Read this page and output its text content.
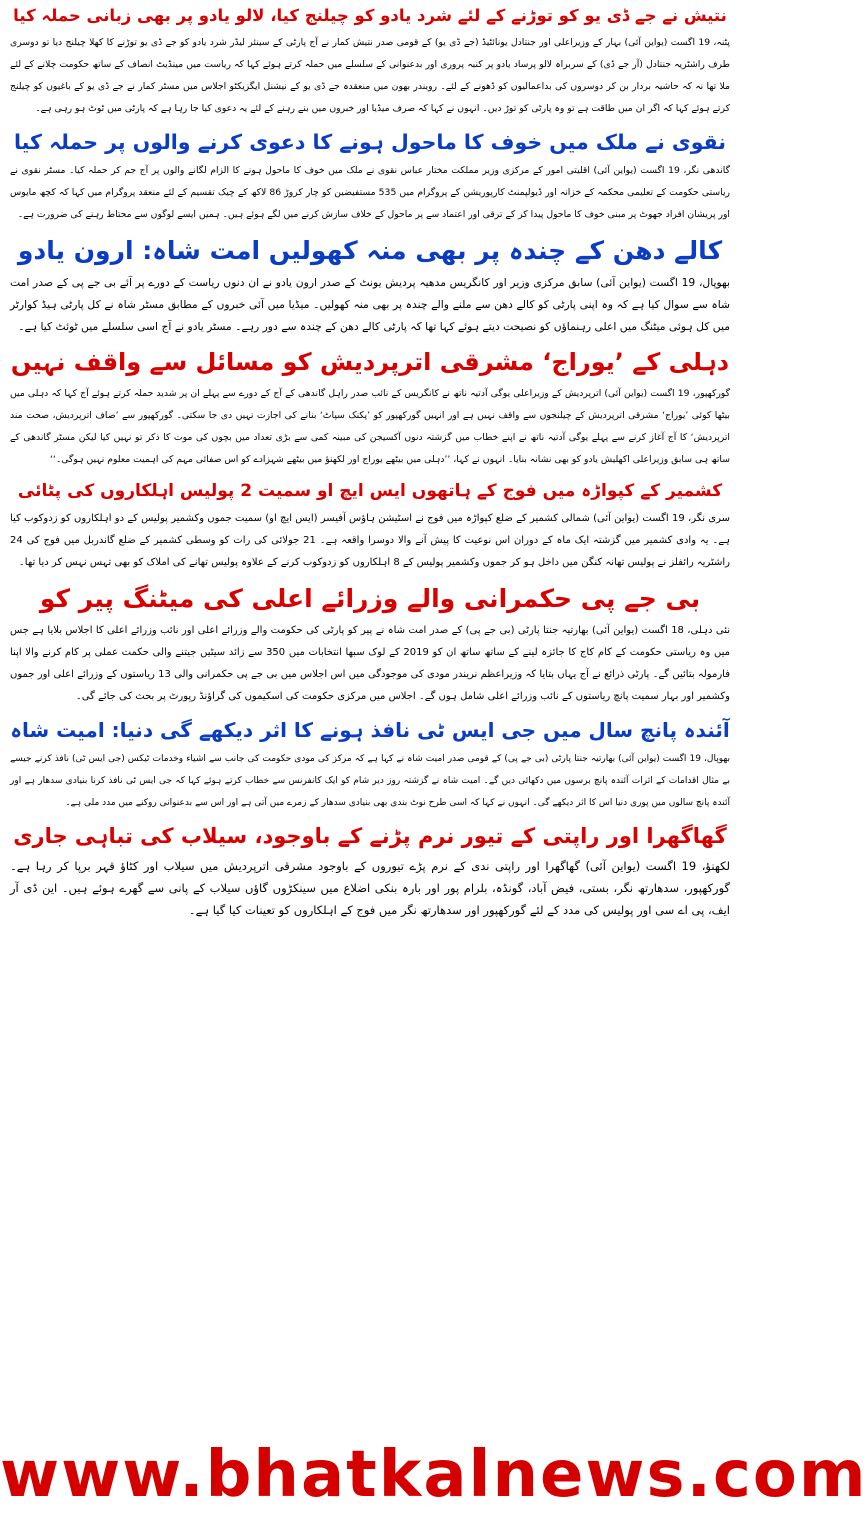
نتیش نے جے ڈی یو کو توڑنے کے لئے شرد یادو کو چیلنج کیا، لالو یادو پر بھی زبانی حملہ کیا
پٹنہ، 19 اگست (یواین آئی) بہار کے وزیراعلی اور جنتادل یونائٹیڈ (جے ڈی یو) کے قومی صدر نتیش کمار نے آج پارٹی کے سینئر لیڈر شرد یادو کو جے ڈی یو توڑنے کا کھلا چیلنج دیا تو دوسری طرف راشٹریہ جنتادل (آر جے ڈی) کے سربراہ لالو پرساد یادو پر کنبہ پروری اور بدعنوانی کے سلسلے میں حملہ کرتے ہوئے کہا کہ ریاست میں مینڈیٹ انصاف کے ساتھ حکومت چلانے کے لئے ملا تھا نہ کہ حاشیہ بردار بن کر دوسروں کی بداعمالیوں کو ڈھونے کے لئے۔ رویندر بھون میں منعقدہ جے ڈی یو کے نیشنل ایگزیکٹو اجلاس میں مسٹر کمار نے جے ڈی یو کے باغیوں کو چیلنج کرتے ہوئے کہا کہ اگر ان میں طاقت ہے تو وہ پارٹی کو توڑ دیں۔ انہوں نے کہا کہ صرف میڈیا اور خبروں میں بنے رہنے کے لئے یہ دعوی کیا جا رہا ہے کہ پارٹی میں ٹوٹ ہو رہی ہے۔
نقوی نے ملک میں خوف کا ماحول ہونے کا دعوی کرنے والوں پر حملہ کیا
گاندھی نگر، 19 اگست (یواین آئی) اقلیتی امور کے مرکزی وزیر مملکت مختار عباس نقوی نے ملک میں خوف کا ماحول ہونے کا الزام لگانے والوں پر آج جم کر حملہ کیا۔ مسٹر نقوی نے ریاستی حکومت کے تعلیمی محکمہ کے خزانہ اور ڈیولپمنٹ کارپوریشن کے پروگرام میں 535 مستفیضین کو چار کروڑ 86 لاکھ کے چیک تقسیم کے لئے منعقد پروگرام میں کہا کہ کچھ مایوس اور پریشان افراد جھوٹ پر مبنی خوف کا ماحول پیدا کر کے ترقی اور اعتماد سے پر ماحول کے خلاف سازش کرنے میں لگے ہوئے ہیں۔ ہمیں ایسے لوگوں سے محتاط رہنے کی ضرورت ہے۔
کالے دھن کے چندہ پر بھی منہ کھولیں امت شاہ: ارون یادو
بھوپال، 19 اگست (یواین آئی) سابق مرکزی وزیر اور کانگریس مدھیہ پردیش یونٹ کے صدر ارون یادو نے ان دنوں ریاست کے دورے پر آئے بی جے پی کے صدر امت شاہ سے سوال کیا ہے کہ وہ اپنی پارٹی کو کالے دھن سے ملنے والے چندہ پر بھی منہ کھولیں۔ میڈیا میں آئی خبروں کے مطابق مسٹر شاہ نے کل پارٹی ہیڈ کوارٹر میں کل ہوئی میٹنگ میں اعلی رہنماؤں کو نصیحت دیتے ہوئے کہا تھا کہ پارٹی کالے دھن کے چندہ سے دور رہے۔ مسٹر یادو نے آج اسی سلسلے میں ٹوئٹ کیا ہے۔
دہلی کے ’یوراج‘ مشرقی اترپردیش کو مسائل سے واقف نہیں
گورکھپور، 19 اگست (یواین آئی) اترپردیش کے وزیراعلی یوگی آدتیہ ناتھ نے کانگریس کے نائب صدر راہل گاندھی کے آج کے دورے سے پہلے ان پر شدید حملہ کرتے ہوئے آج کہا کہ دہلی میں بیٹھا کوئی ’یوراج‘ مشرقی اترپردیش کے چیلنجوں سے واقف نہیں ہے اور انہیں گورکھپور کو ’پکنک سپاٹ‘ بنانے کی اجازت نہیں دی جا سکتی۔ گورکھپور سے ’صاف اترپردیش، صحت مند اترپردیش‘ کا آج آغاز کرنے سے پہلے یوگی آدتیہ ناتھ نے اپنے خطاب میں گزشتہ دنوں آکسیجن کی مبینہ کمی سے بڑی تعداد میں بچوں کی موت کا ذکر تو نہیں کیا لیکن مسٹر گاندھی کے ساتھ ہی سابق وزیراعلی اکھلیش یادو کو بھی نشانہ بنایا۔ انہوں نے کہا، ’’دہلی میں بیٹھے یوراج اور لکھنؤ میں بیٹھے شہزادے کو اس صفائی مہم کی اہمیت معلوم نہیں ہوگی۔‘‘
کشمیر کے کپواڑہ میں فوج کے ہاتھوں ایس ایچ او سمیت 2 پولیس اہلکاروں کی پٹائی
سری نگر، 19 اگست (یواین آئی) شمالی کشمیر کے ضلع کپواڑہ میں فوج نے اسٹیشن ہاؤس آفیسر (ایس ایچ او) سمیت جموں وکشمیر پولیس کے دو اہلکاروں کو زدوکوب کیا ہے۔ یہ وادی کشمیر میں گزشتہ ایک ماہ کے دوران اس نوعیت کا پیش آنے والا دوسرا واقعہ ہے۔ 21 جولائی کی رات کو وسطی کشمیر کے ضلع گاندربل میں فوج کی 24 راشٹریہ رائفلز نے پولیس تھانہ کنگن میں داخل ہو کر جموں وکشمیر پولیس کے 8 اہلکاروں کو زدوکوب کرنے کے علاوہ پولیس تھانے کی املاک کو بھی تہس نہس کر دیا تھا۔
بی جے پی حکمرانی والے وزرائے اعلی کی میٹنگ پیر کو
نئی دہلی، 18 اگست (یواین آئی) بھارتیہ جنتا پارٹی (بی جے پی) کے صدر امت شاہ نے پیر کو پارٹی کی حکومت والے وزرائے اعلی اور نائب وزرائے اعلی کا اجلاس بلایا ہے جس میں وہ ریاستی حکومت کے کام کاج کا جائزہ لینے کے ساتھ ساتھ ان کو 2019 کے لوک سبھا انتخابات میں 350 سے زائد سیٹیں جیتنے والی حکمت عملی پر کام کرنے والا اپنا فارمولہ بتائیں گے۔ پارٹی ذرائع نے آج یہاں بتایا کہ وزیراعظم نریندر مودی کی موجودگی میں اس اجلاس میں بی جے پی حکمرانی والی 13 ریاستوں کے وزرائے اعلی اور جموں وکشمیر اور بہار سمیت پانچ ریاستوں کے نائب وزرائے اعلی شامل ہوں گے۔ اجلاس میں مرکزی حکومت کی اسکیموں کی گراؤنڈ رپورٹ پر بحث کی جائے گی۔
آئندہ پانچ سال میں جی ایس ٹی نافذ ہونے کا اثر دیکھے گی دنیا: امیت شاہ
بھوپال، 19 اگست (یواین آئی) بھارتیہ جنتا پارٹی (بی جے پی) کے قومی صدر امیت شاہ نے کہا ہے کہ مرکز کی مودی حکومت کی جانب سے اشیاء وخدمات ٹیکس (جی ایس ٹی) نافذ کرنے جیسے بے مثال اقدامات کے اثرات آئندہ پانچ برسوں میں دکھائی دیں گے۔ امیت شاہ نے گزشتہ روز دیر شام کو ایک کانفرنس سے خطاب کرتے ہوئے کہا کہ جی ایس ٹی نافذ کرنا بنیادی سدھار ہے اور آئندہ پانچ سالوں میں پوری دنیا اس کا اثر دیکھے گی۔ انہوں نے کہا کہ اسی طرح نوٹ بندی بھی بنیادی سدھار کے زمرے میں آتی ہے اور اس سے بدعنوانی روکنے میں مدد ملی ہے۔
گھاگھرا اور راپتی کے تیور نرم پڑنے کے باوجود، سیلاب کی تباہی جاری
لکھنؤ، 19 اگست (یواین آئی) گھاگھرا اور راپتی ندی کے نرم پڑے تیوروں کے باوجود مشرقی اترپردیش میں سیلاب اور کٹاؤ قہر برپا کر رہا ہے۔ گورکھپور، سدھارتھ نگر، بستی، فیض آباد، گونڈہ، بلرام پور اور بارہ بنکی اضلاع میں سینکڑوں گاؤں سیلاب کے پانی سے گھرے ہوئے ہیں۔ این ڈی آر ایف، پی اے سی اور پولیس کی مدد کے لئے گورکھپور اور سدھارتھ نگر میں فوج کے اہلکاروں کو تعینات کیا گیا ہے۔
www.bhatkalnews.com
